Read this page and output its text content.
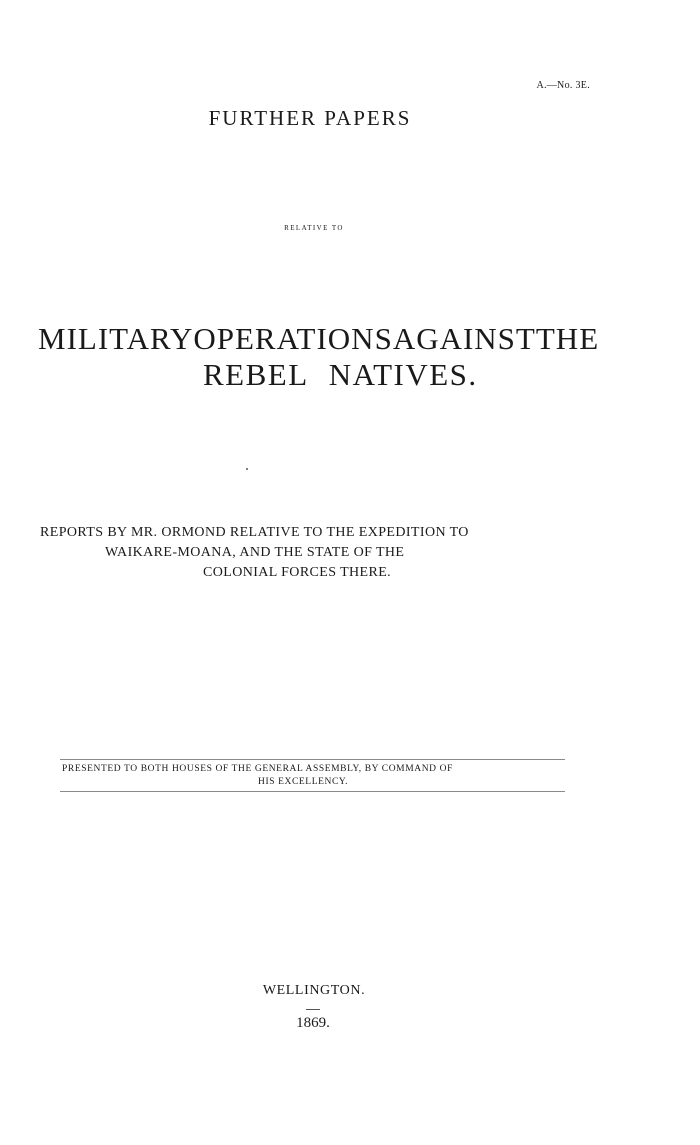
A.—No. 3E.
FURTHER PAPERS
RELATIVE TO
MILITARY OPERATIONS AGAINST THE
REBEL NATIVES.
REPORTS BY MR. ORMOND RELATIVE TO THE EXPEDITION TO
WAIKARE-MOANA, AND THE STATE OF THE
COLONIAL FORCES THERE.
PRESENTED TO BOTH HOUSES OF THE GENERAL ASSEMBLY, BY COMMAND OF
HIS EXCELLENCY.
WELLINGTON.
1869.
